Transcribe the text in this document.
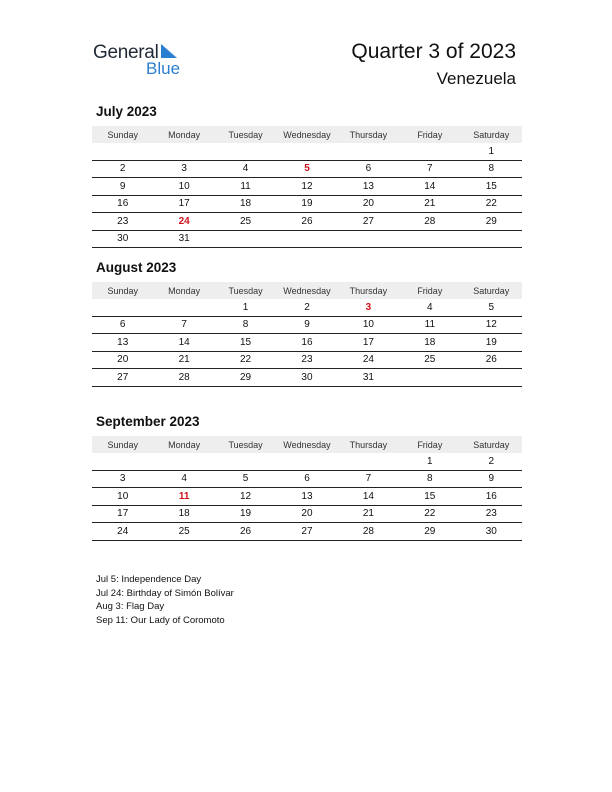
General
Blue
Quarter 3 of 2023
Venezuela
July 2023
Sunday	Monday	Tuesday	Wednesday	Thursday	Friday	Saturday
						1
2	3	4	5	6	7	8
9	10	11	12	13	14	15
16	17	18	19	20	21	22
23	24	25	26	27	28	29
30	31					
August 2023
Sunday	Monday	Tuesday	Wednesday	Thursday	Friday	Saturday
		1	2	3	4	5
6	7	8	9	10	11	12
13	14	15	16	17	18	19
20	21	22	23	24	25	26
27	28	29	30	31		
September 2023
Sunday	Monday	Tuesday	Wednesday	Thursday	Friday	Saturday
					1	2
3	4	5	6	7	8	9
10	11	12	13	14	15	16
17	18	19	20	21	22	23
24	25	26	27	28	29	30
Jul 5: Independence Day
Jul 24: Birthday of Simón Bolívar
Aug 3: Flag Day
Sep 11: Our Lady of Coromoto
